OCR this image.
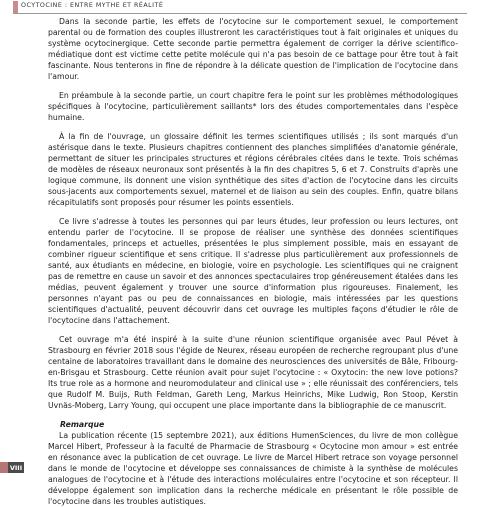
OCYTOCINE : ENTRE MYTHE ET RÉALITÉ

Dans la seconde partie, les effets de l'ocytocine sur le comportement sexuel, le comportement parental ou de formation des couples illustreront les caractéristiques tout à fait originales et uniques du système ocytocinergique. Cette seconde partie permettra également de corriger la dérive scientifico-médiatique dont est victime cette petite molécule qui n'a pas besoin de ce battage pour être tout à fait fascinante. Nous tenterons in fine de répondre à la délicate question de l'implication de l'ocytocine dans l'amour.

En préambule à la seconde partie, un court chapitre fera le point sur les problèmes méthodologiques spécifiques à l'ocytocine, particulièrement saillants* lors des études comportementales dans l'espèce humaine.

À la fin de l'ouvrage, un glossaire définit les termes scientifiques utilisés ; ils sont marqués d'un astérisque dans le texte. Plusieurs chapitres contiennent des planches simplifiées d'anatomie générale, permettant de situer les principales structures et régions cérébrales citées dans le texte. Trois schémas de modèles de réseaux neuronaux sont présentés à la fin des chapitres 5, 6 et 7. Construits d'après une logique commune, ils donnent une vision synthétique des sites d'action de l'ocytocine dans les circuits sous-jacents aux comportements sexuel, maternel et de liaison au sein des couples. Enfin, quatre bilans récapitulatifs sont proposés pour résumer les points essentiels.

Ce livre s'adresse à toutes les personnes qui par leurs études, leur profession ou leurs lectures, ont entendu parler de l'ocytocine. Il se propose de réaliser une synthèse des données scientifiques fondamentales, princeps et actuelles, présentées le plus simplement possible, mais en essayant de combiner rigueur scientifique et sens critique. Il s'adresse plus particulièrement aux professionnels de santé, aux étudiants en médecine, en biologie, voire en psychologie. Les scientifiques qui ne craignent pas de remettre en cause un savoir et des annonces spectaculaires trop généreusement étalées dans les médias, peuvent également y trouver une source d'information plus rigoureuses. Finalement, les personnes n'ayant pas ou peu de connaissances en biologie, mais intéressées par les questions scientifiques d'actualité, peuvent découvrir dans cet ouvrage les multiples façons d'étudier le rôle de l'ocytocine dans l'attachement.

Cet ouvrage m'a été inspiré à la suite d'une réunion scientifique organisée avec Paul Pévet à Strasbourg en février 2018 sous l'égide de Neurex, réseau européen de recherche regroupant plus d'une centaine de laboratoires travaillant dans le domaine des neurosciences des universités de Bâle, Fribourg-en-Brisgau et Strasbourg. Cette réunion avait pour sujet l'ocytocine : « Oxytocin: the new love potions? Its true role as a hormone and neuromodulateur and clinical use » ; elle réunissait des conférenciers, tels que Rudolf M. Buijs, Ruth Feldman, Gareth Leng, Markus Heinrichs, Mike Ludwig, Ron Stoop, Kerstin Uvnäs-Moberg, Larry Young, qui occupent une place importante dans la bibliographie de ce manuscrit.

Remarque

La publication récente (15 septembre 2021), aux éditions HumenSciences, du livre de mon collègue Marcel Hibert, Professeur à la faculté de Pharmacie de Strasbourg « Ocytocine mon amour » est entrée en résonance avec la publication de cet ouvrage. Le livre de Marcel Hibert retrace son voyage personnel dans le monde de l'ocytocine et développe ses connaissances de chimiste à la synthèse de molécules analogues de l'ocytocine et à l'étude des interactions moléculaires entre l'ocytocine et son récepteur. Il développe également son implication dans la recherche médicale en présentant le rôle possible de l'ocytocine dans les troubles autistiques.

VIII
